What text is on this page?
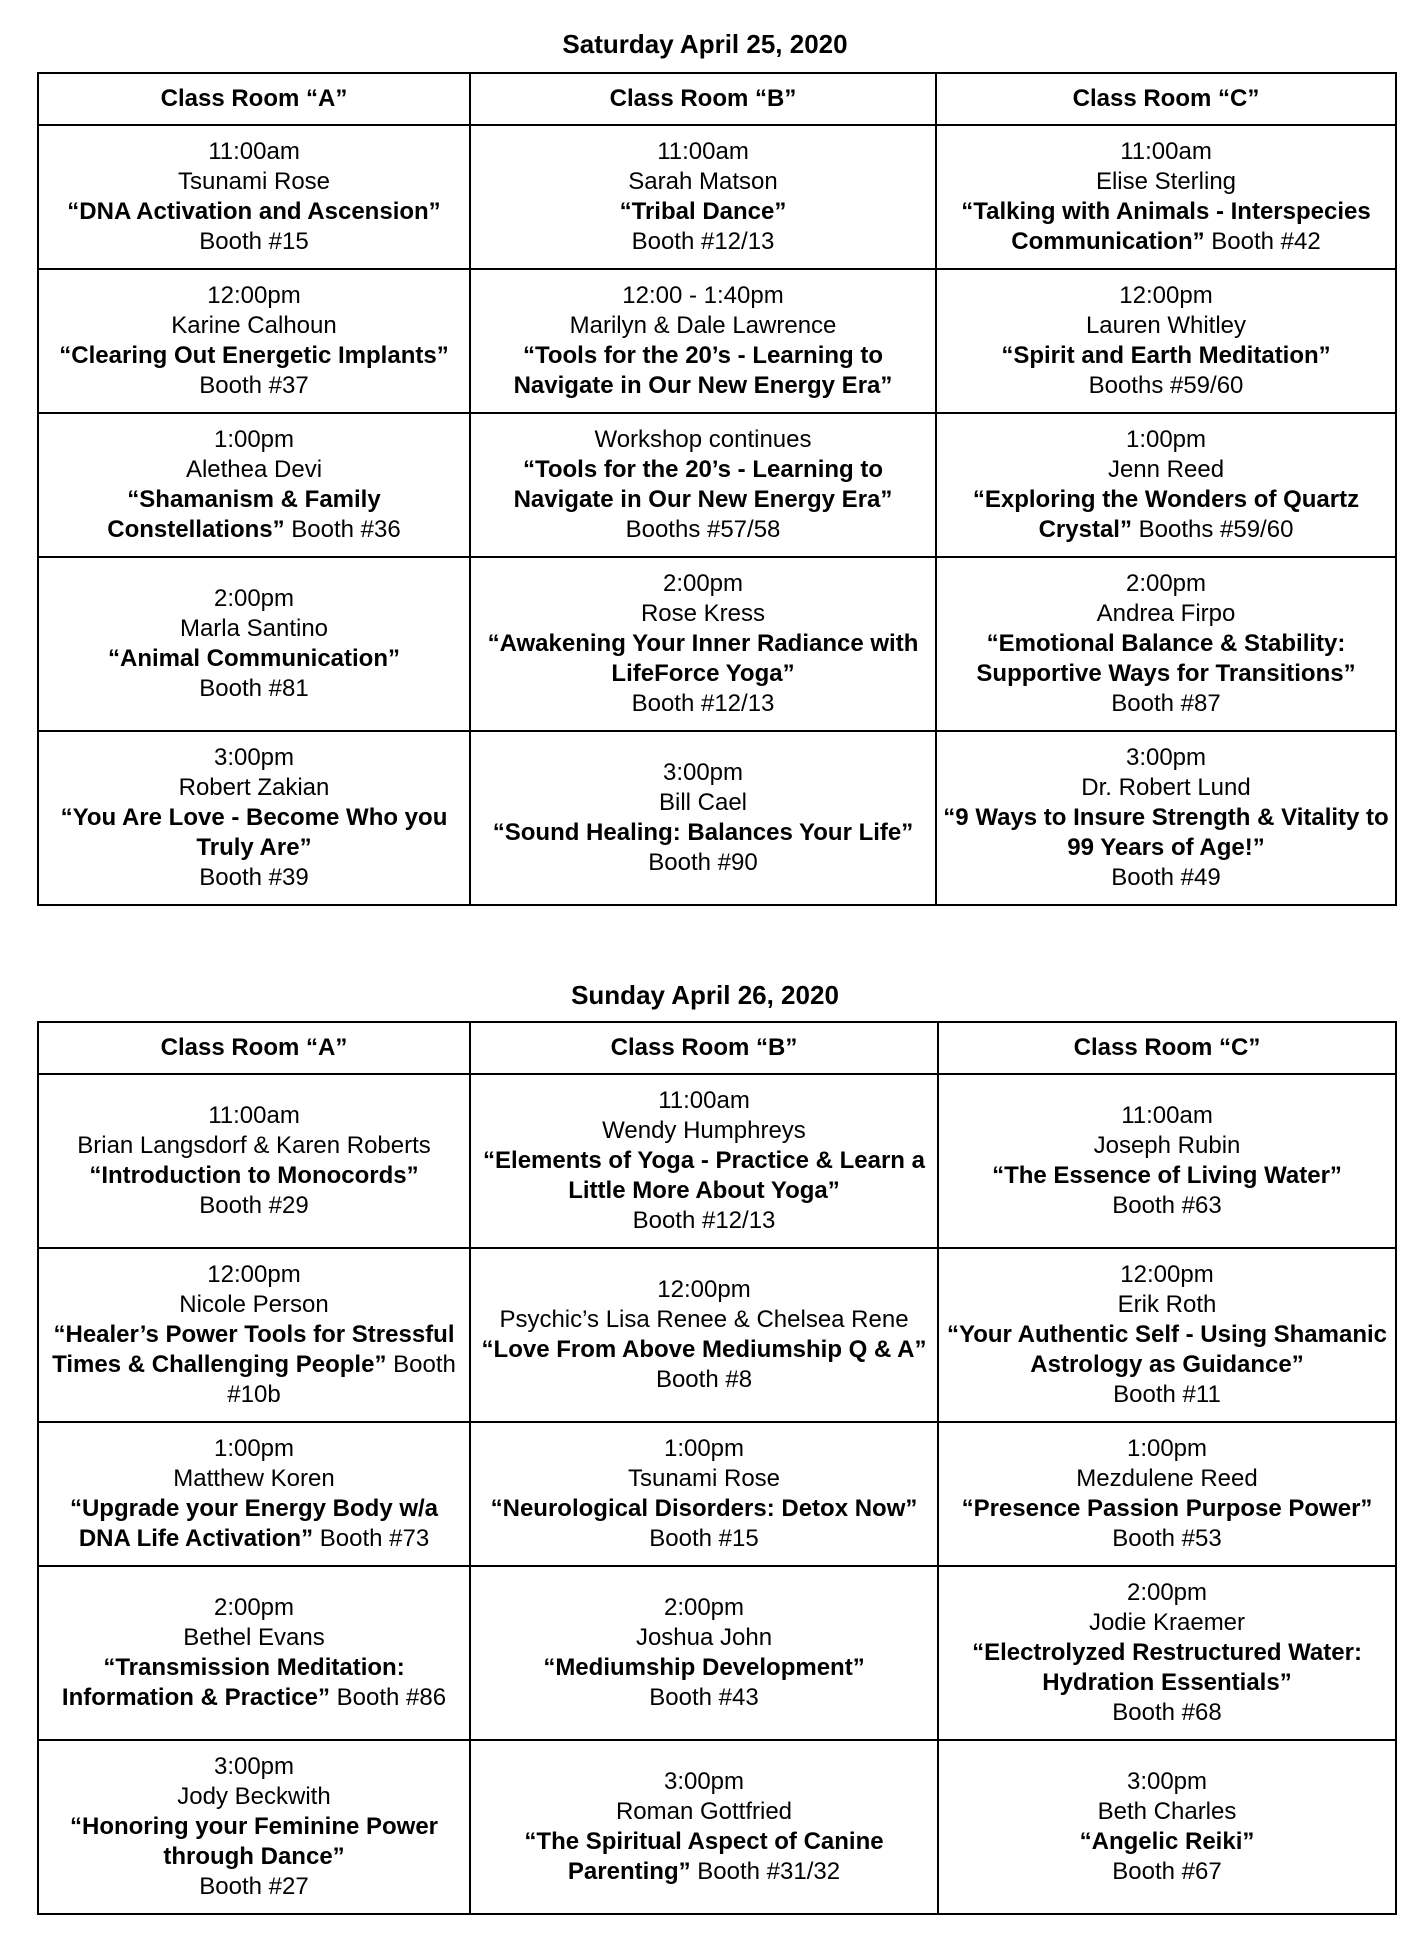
Saturday April 25, 2020
Class Room “A”	Class Room “B”	Class Room “C”

11:00am
Tsunami Rose
“DNA Activation and Ascension”
Booth #15	11:00am
Sarah Matson
“Tribal Dance”
Booth #12/13	11:00am
Elise Sterling
“Talking with Animals - Interspecies Communication” Booth #42

12:00pm
Karine Calhoun
“Clearing Out Energetic Implants”
Booth #37	12:00 - 1:40pm
Marilyn & Dale Lawrence
“Tools for the 20’s - Learning to Navigate in Our New Energy Era”	12:00pm
Lauren Whitley
“Spirit and Earth Meditation”
Booths #59/60

1:00pm
Alethea Devi
“Shamanism & Family Constellations” Booth #36	Workshop continues
“Tools for the 20’s - Learning to Navigate in Our New Energy Era”
Booths #57/58	1:00pm
Jenn Reed
“Exploring the Wonders of Quartz Crystal” Booths #59/60

2:00pm
Marla Santino
“Animal Communication”
Booth #81	2:00pm
Rose Kress
“Awakening Your Inner Radiance with LifeForce Yoga”
Booth #12/13	2:00pm
Andrea Firpo
“Emotional Balance & Stability: Supportive Ways for Transitions”
Booth #87

3:00pm
Robert Zakian
“You Are Love - Become Who you Truly Are”
Booth #39	3:00pm
Bill Cael
“Sound Healing: Balances Your Life”
Booth #90	3:00pm
Dr. Robert Lund
“9 Ways to Insure Strength & Vitality to 99 Years of Age!”
Booth #49
Sunday April 26, 2020
Class Room “A”	Class Room “B”	Class Room “C”

11:00am
Brian Langsdorf & Karen Roberts
“Introduction to Monocords”
Booth #29	11:00am
Wendy Humphreys
“Elements of Yoga - Practice & Learn a Little More About Yoga”
Booth #12/13	11:00am
Joseph Rubin
“The Essence of Living Water”
Booth #63

12:00pm
Nicole Person
“Healer’s Power Tools for Stressful Times & Challenging People” Booth #10b	12:00pm
Psychic’s Lisa Renee & Chelsea Rene
“Love From Above Mediumship Q & A”
Booth #8	12:00pm
Erik Roth
“Your Authentic Self - Using Shamanic Astrology as Guidance”
Booth #11

1:00pm
Matthew Koren
“Upgrade your Energy Body w/a DNA Life Activation” Booth #73	1:00pm
Tsunami Rose
“Neurological Disorders: Detox Now” Booth #15	1:00pm
Mezdulene Reed
“Presence Passion Purpose Power”
Booth #53

2:00pm
Bethel Evans
“Transmission Meditation: Information & Practice” Booth #86	2:00pm
Joshua John
“Mediumship Development”
Booth #43	2:00pm
Jodie Kraemer
“Electrolyzed Restructured Water: Hydration Essentials”
Booth #68

3:00pm
Jody Beckwith
“Honoring your Feminine Power through Dance”
Booth #27	3:00pm
Roman Gottfried
“The Spiritual Aspect of Canine Parenting” Booth #31/32	3:00pm
Beth Charles
“Angelic Reiki”
Booth #67
